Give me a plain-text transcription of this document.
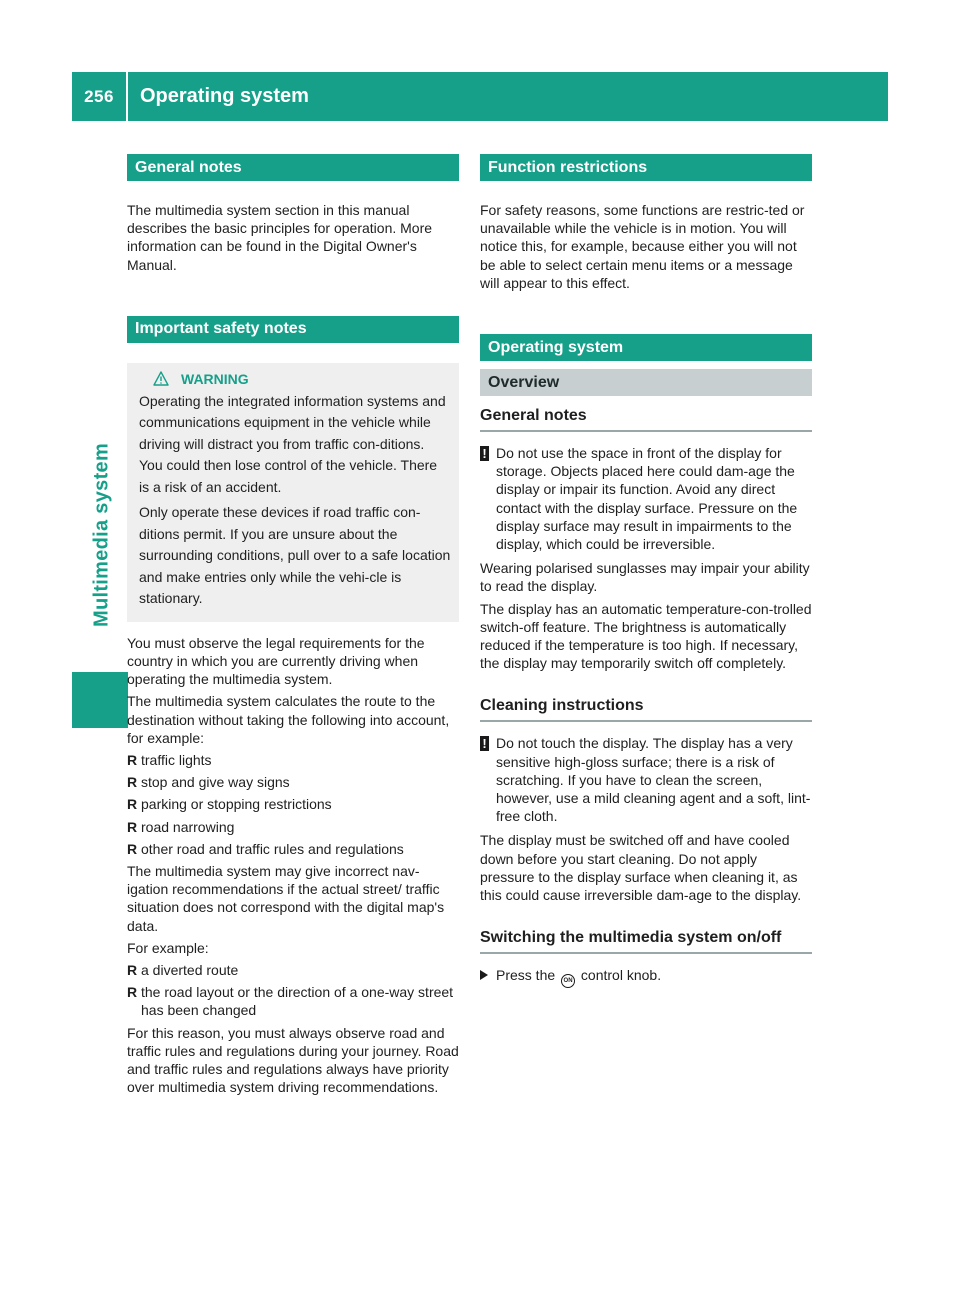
256	Operating system
Multimedia system
General notes

The multimedia system section in this manual describes the basic principles for operation. More information can be found in the Digital Owner's Manual.

Important safety notes
WARNING

Operating the integrated information systems and communications equipment in the vehicle while driving will distract you from traffic con-ditions. You could then lose control of the vehicle. There is a risk of an accident.

Only operate these devices if road traffic con-ditions permit. If you are unsure about the surrounding conditions, pull over to a safe location and make entries only while the vehi-cle is stationary.

You must observe the legal requirements for the country in which you are currently driving when operating the multimedia system.

The multimedia system calculates the route to the destination without taking the following into account, for example:

R traffic lights
R stop and give way signs
R parking or stopping restrictions
R road narrowing
R other road and traffic rules and regulations

The multimedia system may give incorrect nav-igation recommendations if the actual street/ traffic situation does not correspond with the digital map's data.

For example:

R a diverted route
R the road layout or the direction of a one-way street has been changed

For this reason, you must always observe road and traffic rules and regulations during your journey. Road and traffic rules and regulations always have priority over multimedia system driving recommendations.

Function restrictions

For safety reasons, some functions are restric-ted or unavailable while the vehicle is in motion. You will notice this, for example, because either you will not be able to select certain menu items or a message will appear to this effect.

Operating system
Overview
General notes
! Do not use the space in front of the display for storage. Objects placed here could dam-age the display or impair its function. Avoid any direct contact with the display surface. Pressure on the display surface may result in impairments to the display, which could be irreversible.

Wearing polarised sunglasses may impair your ability to read the display.

The display has an automatic temperature-con-trolled switch-off feature. The brightness is automatically reduced if the temperature is too high. If necessary, the display may temporarily switch off completely.

Cleaning instructions
! Do not touch the display. The display has a very sensitive high-gloss surface; there is a risk of scratching. If you have to clean the screen, however, use a mild cleaning agent and a soft, lint-free cloth.

The display must be switched off and have cooled down before you start cleaning. Do not apply pressure to the display surface when cleaning it, as this could cause irreversible dam-age to the display.

Switching the multimedia system on/off
Press the ON control knob.
